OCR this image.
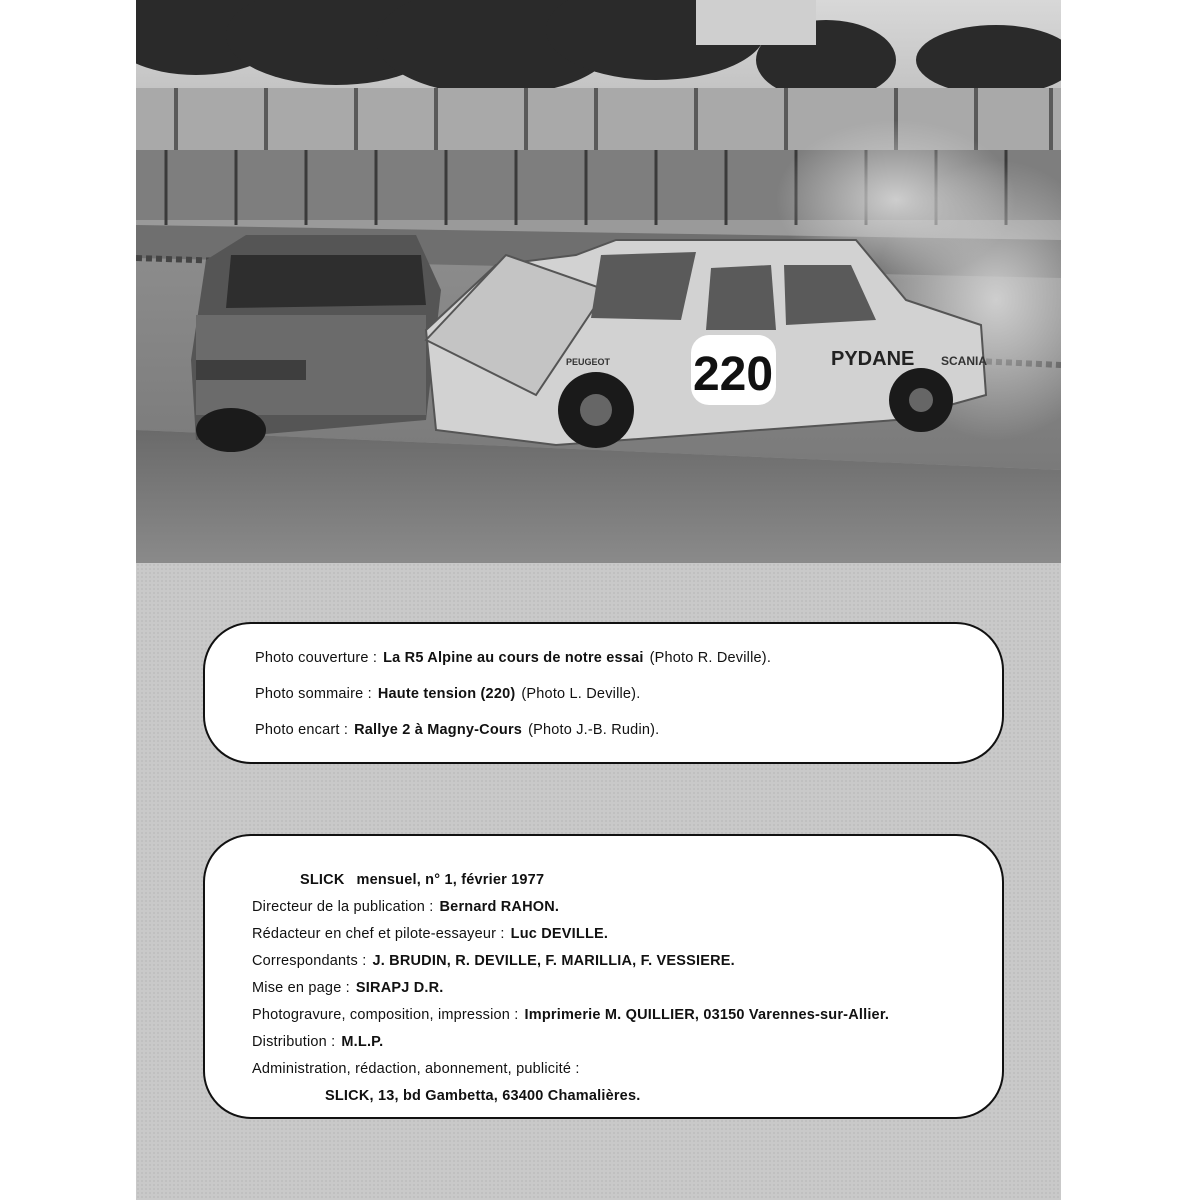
220	PYDANE SCANIA
PEUGEOT
Photo couverture : La R5 Alpine au cours de notre essai (Photo R. Deville).
Photo sommaire : Haute tension (220) (Photo L. Deville).
Photo encart : Rallye 2 à Magny-Cours (Photo J.-B. Rudin).
SLICK mensuel, n° 1, février 1977
Directeur de la publication : Bernard RAHON.
Rédacteur en chef et pilote-essayeur : Luc DEVILLE.
Correspondants : J. BRUDIN, R. DEVILLE, F. MARILLIA, F. VESSIERE.
Mise en page : SIRAPJ D.R.
Photogravure, composition, impression : Imprimerie M. QUILLIER, 03150 Varennes-sur-Allier.
Distribution : M.L.P.
Administration, rédaction, abonnement, publicité :
SLICK, 13, bd Gambetta, 63400 Chamalières.
